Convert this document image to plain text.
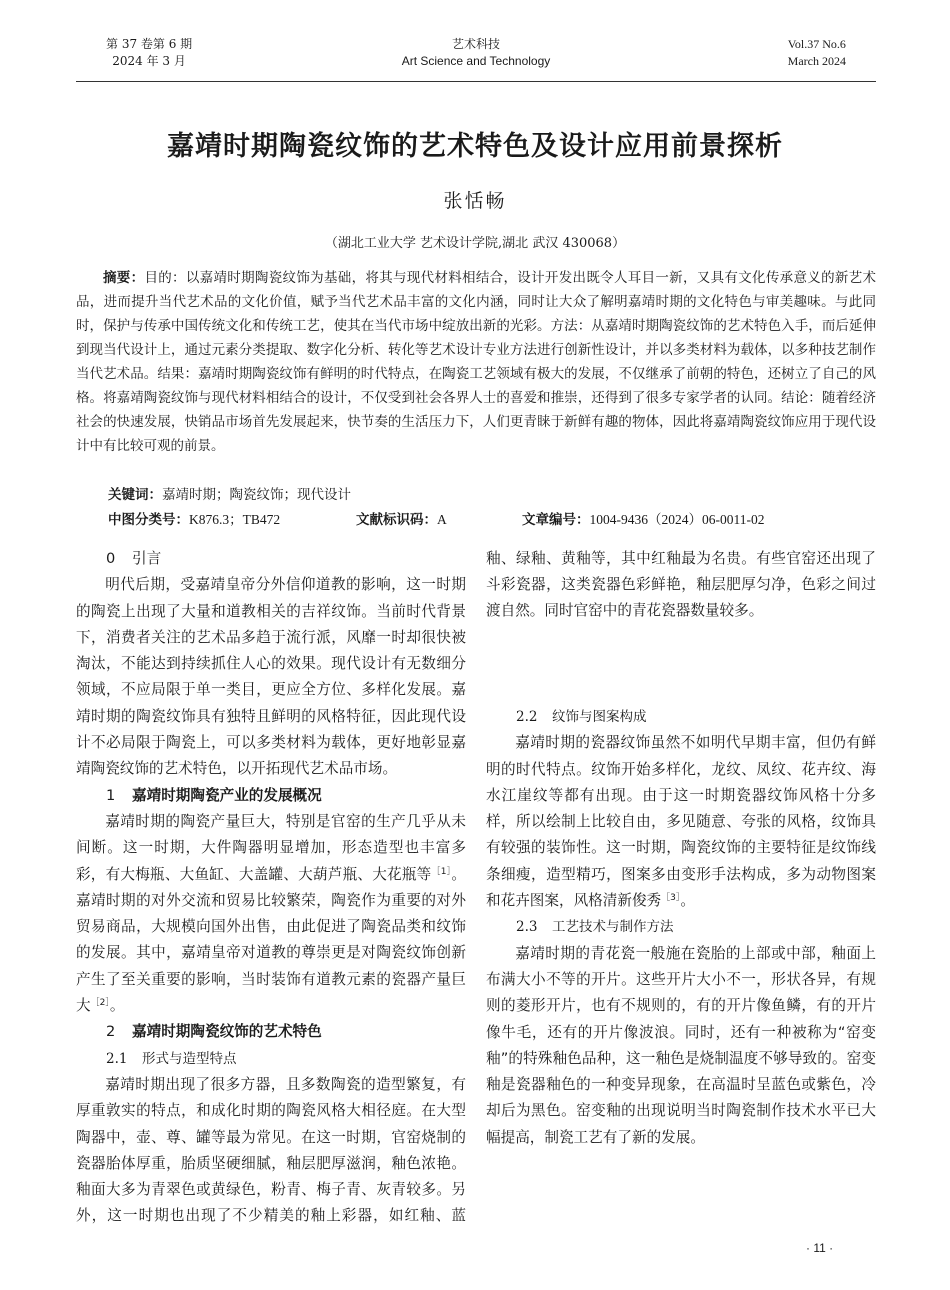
第 37 卷第 6 期
2024 年 3 月
艺术科技
Art Science and Technology
Vol.37 No.6
March 2024
嘉靖时期陶瓷纹饰的艺术特色及设计应用前景探析
张恬畅
（湖北工业大学 艺术设计学院,湖北 武汉 430068）

摘要：目的：以嘉靖时期陶瓷纹饰为基础，将其与现代材料相结合，设计开发出既令人耳目一新，又具有文化传承意义的新艺术品，进而提升当代艺术品的文化价值，赋予当代艺术品丰富的文化内涵，同时让大众了解明嘉靖时期的文化特色与审美趣味。与此同时，保护与传承中国传统文化和传统工艺，使其在当代市场中绽放出新的光彩。方法：从嘉靖时期陶瓷纹饰的艺术特色入手，而后延伸到现当代设计上，通过元素分类提取、数字化分析、转化等艺术设计专业方法进行创新性设计，并以多类材料为载体，以多种技艺制作当代艺术品。结果：嘉靖时期陶瓷纹饰有鲜明的时代特点，在陶瓷工艺领域有极大的发展，不仅继承了前朝的特色，还树立了自己的风格。将嘉靖陶瓷纹饰与现代材料相结合的设计，不仅受到社会各界人士的喜爱和推崇，还得到了很多专家学者的认同。结论：随着经济社会的快速发展，快销品市场首先发展起来，快节奏的生活压力下，人们更青睐于新鲜有趣的物体，因此将嘉靖陶瓷纹饰应用于现代设计中有比较可观的前景。

关键词：嘉靖时期；陶瓷纹饰；现代设计
中图分类号：K876.3；TB472	文献标识码：A	文章编号：1004-9436（2024）06-0011-02
0 引言

明代后期，受嘉靖皇帝分外信仰道教的影响，这一时期的陶瓷上出现了大量和道教相关的吉祥纹饰。当前时代背景下，消费者关注的艺术品多趋于流行派，风靡一时却很快被淘汰，不能达到持续抓住人心的效果。现代设计有无数细分领域，不应局限于单一类目，更应全方位、多样化发展。嘉靖时期的陶瓷纹饰具有独特且鲜明的风格特征，因此现代设计不必局限于陶瓷上，可以多类材料为载体，更好地彰显嘉靖陶瓷纹饰的艺术特色，以开拓现代艺术品市场。

1 嘉靖时期陶瓷产业的发展概况

嘉靖时期的陶瓷产量巨大，特别是官窑的生产几乎从未间断。这一时期，大件陶器明显增加，形态造型也丰富多彩，有大梅瓶、大鱼缸、大盖罐、大葫芦瓶、大花瓶等$^{[1]}$。嘉靖时期的对外交流和贸易比较繁荣，陶瓷作为重要的对外贸易商品，大规模向国外出售，由此促进了陶瓷品类和纹饰的发展。其中，嘉靖皇帝对道教的尊崇更是对陶瓷纹饰创新产生了至关重要的影响，当时装饰有道教元素的瓷器产量巨大$^{[2]}$。

2 嘉靖时期陶瓷纹饰的艺术特色
2.1 形式与造型特点

嘉靖时期出现了很多方器，且多数陶瓷的造型繁复，有厚重敦实的特点，和成化时期的陶瓷风格大相径庭。在大型陶器中，壶、尊、罐等最为常见。在这一时期，官窑烧制的瓷器胎体厚重，胎质坚硬细腻，釉层肥厚滋润，釉色浓艳。釉面大多为青翠色或黄绿色，粉青、梅子青、灰青较多。另外，这一时期也出现了不少精美的釉上彩器，如红釉、蓝

釉、绿釉、黄釉等，其中红釉最为名贵。有些官窑还出现了斗彩瓷器，这类瓷器色彩鲜艳，釉层肥厚匀净，色彩之间过渡自然。同时官窑中的青花瓷器数量较多。

2.2 纹饰与图案构成

嘉靖时期的瓷器纹饰虽然不如明代早期丰富，但仍有鲜明的时代特点。纹饰开始多样化，龙纹、凤纹、花卉纹、海水江崖纹等都有出现。由于这一时期瓷器纹饰风格十分多样，所以绘制上比较自由，多见随意、夸张的风格，纹饰具有较强的装饰性。这一时期，陶瓷纹饰的主要特征是纹饰线条细瘦，造型精巧，图案多由变形手法构成，多为动物图案和花卉图案，风格清新俊秀$^{[3]}$。

2.3 工艺技术与制作方法

嘉靖时期的青花瓷一般施在瓷胎的上部或中部，釉面上布满大小不等的开片。这些开片大小不一，形状各异，有规则的菱形开片，也有不规则的，有的开片像鱼鳞，有的开片像牛毛，还有的开片像波浪。同时，还有一种被称为“窑变釉”的特殊釉色品种，这一釉色是烧制温度不够导致的。窑变釉是瓷器釉色的一种变异现象，在高温时呈蓝色或紫色，冷却后为黑色。窑变釉的出现说明当时陶瓷制作技术水平已大幅提高，制瓷工艺有了新的发展。

· 11 ·
